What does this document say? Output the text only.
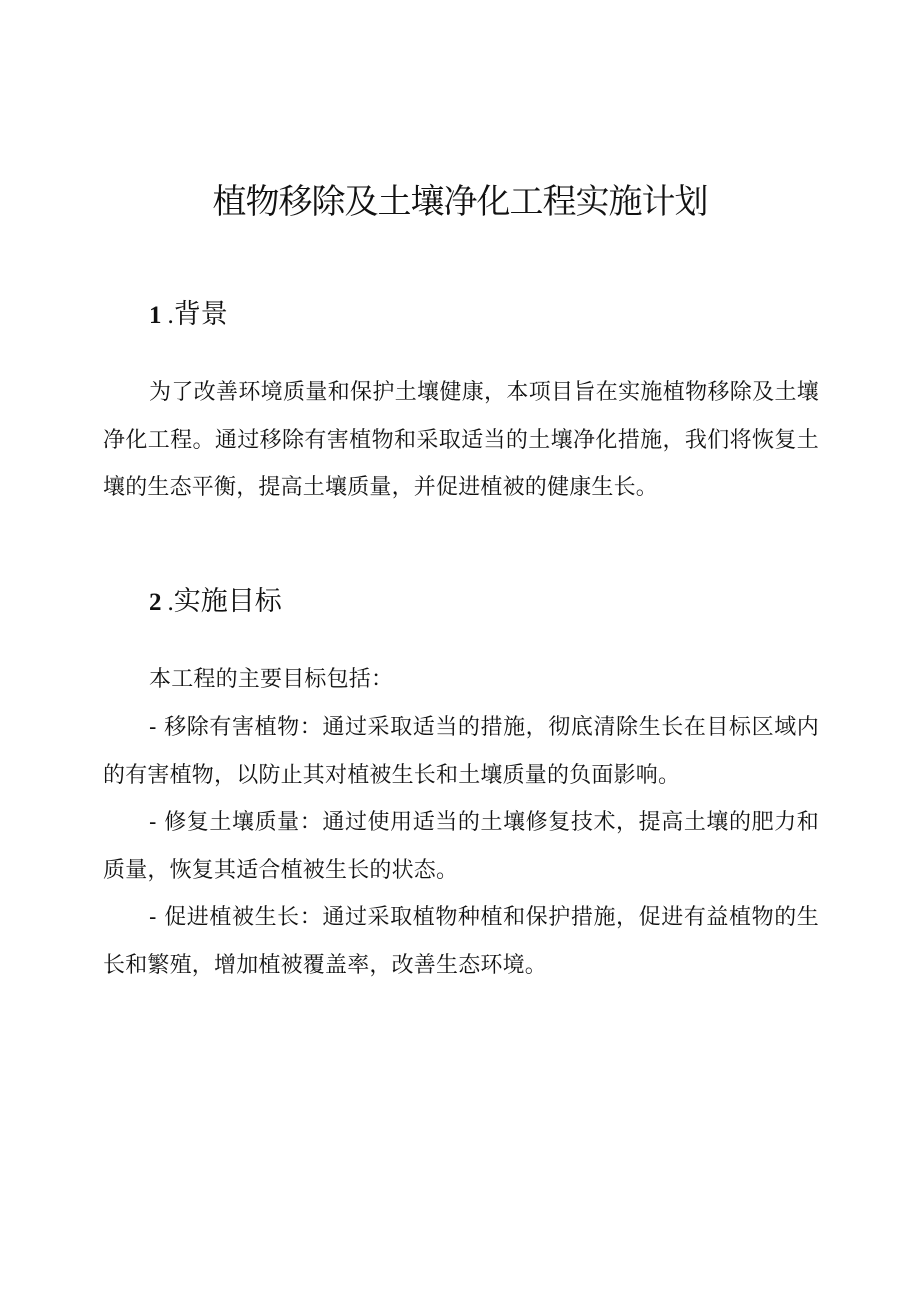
植物移除及土壤净化工程实施计划
1 .背景

为了改善环境质量和保护土壤健康，本项目旨在实施植物移除及土壤净化工程。通过移除有害植物和采取适当的土壤净化措施，我们将恢复土壤的生态平衡，提高土壤质量，并促进植被的健康生长。

2 .实施目标

本工程的主要目标包括：

- 移除有害植物：通过采取适当的措施，彻底清除生长在目标区域内的有害植物，以防止其对植被生长和土壤质量的负面影响。

- 修复土壤质量：通过使用适当的土壤修复技术，提高土壤的肥力和质量，恢复其适合植被生长的状态。

- 促进植被生长：通过采取植物种植和保护措施，促进有益植物的生长和繁殖，增加植被覆盖率，改善生态环境。
